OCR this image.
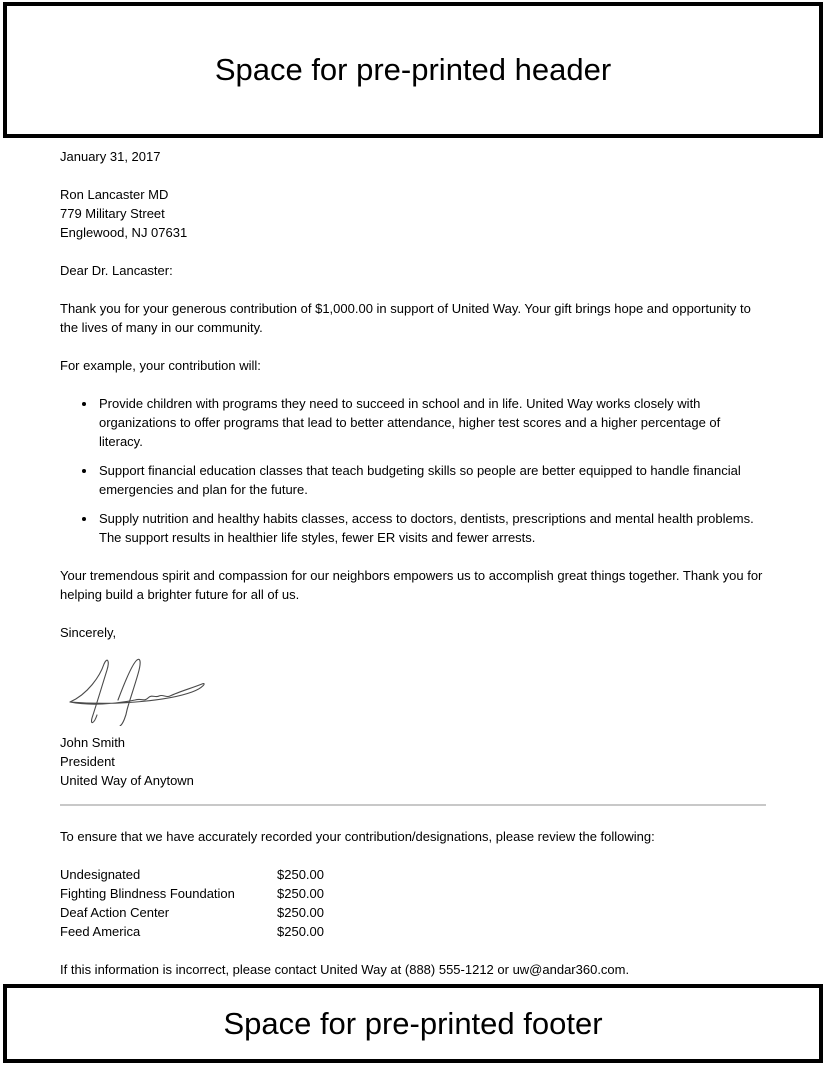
Space for pre-printed header
January 31, 2017
Ron Lancaster MD
779 Military Street
Englewood, NJ 07631
Dear Dr. Lancaster:

Thank you for your generous contribution of $1,000.00 in support of United Way. Your gift brings hope and opportunity to the lives of many in our community.

For example, your contribution will:

• Provide children with programs they need to succeed in school and in life. United Way works closely with organizations to offer programs that lead to better attendance, higher test scores and a higher percentage of literacy.
• Support financial education classes that teach budgeting skills so people are better equipped to handle financial emergencies and plan for the future.
• Supply nutrition and healthy habits classes, access to doctors, dentists, prescriptions and mental health problems. The support results in healthier life styles, fewer ER visits and fewer arrests.

Your tremendous spirit and compassion for our neighbors empowers us to accomplish great things together. Thank you for helping build a brighter future for all of us.

Sincerely,
John Smith
President
United Way of Anytown

To ensure that we have accurately recorded your contribution/designations, please review the following:

Undesignated	$250.00
Fighting Blindness Foundation	$250.00
Deaf Action Center	$250.00
Feed America	$250.00

If this information is incorrect, please contact United Way at (888) 555-1212 or uw@andar360.com.

Space for pre-printed footer
